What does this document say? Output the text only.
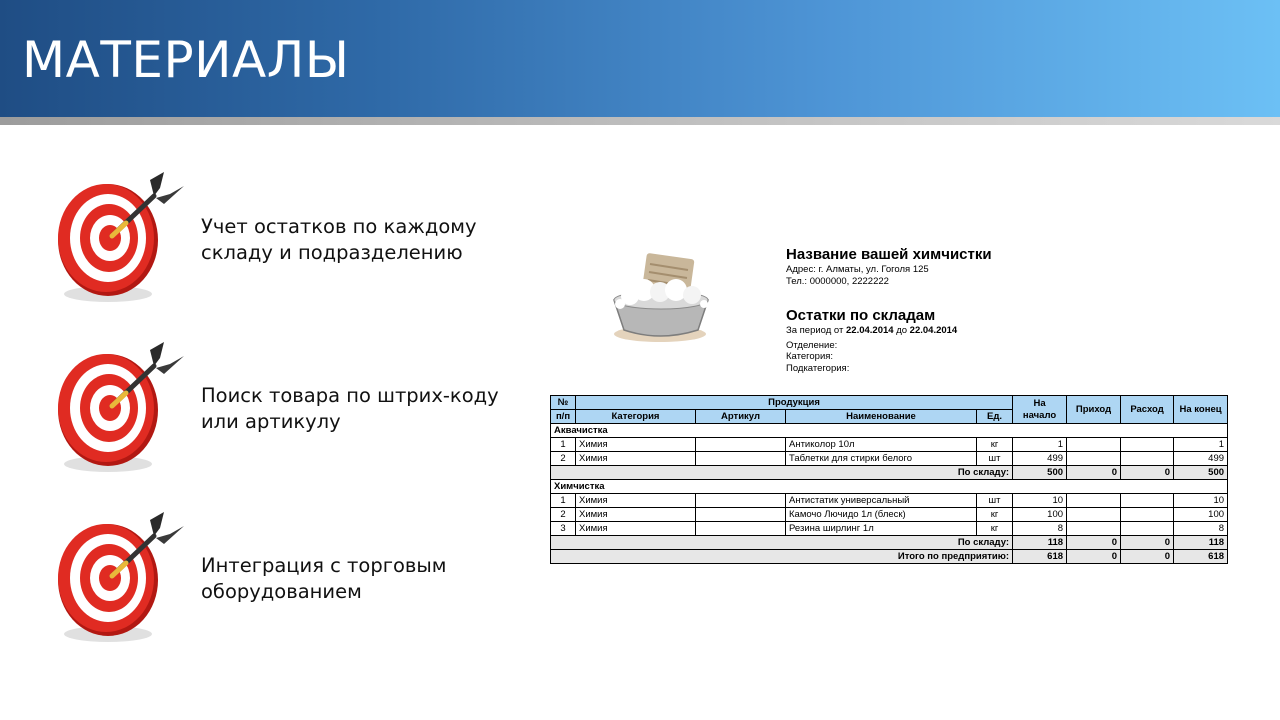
МАТЕРИАЛЫ
Учет остатков по каждому
складу и подразделению
Поиск товара по штрих-коду
или артикулу
Интеграция с торговым
оборудованием

Название вашей химчистки

Адрес: г. Алматы, ул. Гоголя 125

Тел.: 0000000, 2222222

Остатки по складам

За период от 22.04.2014 до 22.04.2014

Отделение:

Категория:

Подкатегория:

№	Продукция				На начало	Приход	Расход	На конец
п/п	Категория	Артикул	Наименование	Ед.				
Аквачистка								
1	Химия		Антиколор 10л	кг	1			1
2	Химия		Таблетки для стирки белого	шт	499			499
По складу:					500	0	0	500
Химчистка								
1	Химия		Антистатик универсальный	шт	10			10
2	Химия		Камочо Лючидо 1л (блеск)	кг	100			100
3	Химия		Резина ширлинг 1л	кг	8			8
По складу:					118	0	0	118
Итого по предприятию:					618	0	0	618
